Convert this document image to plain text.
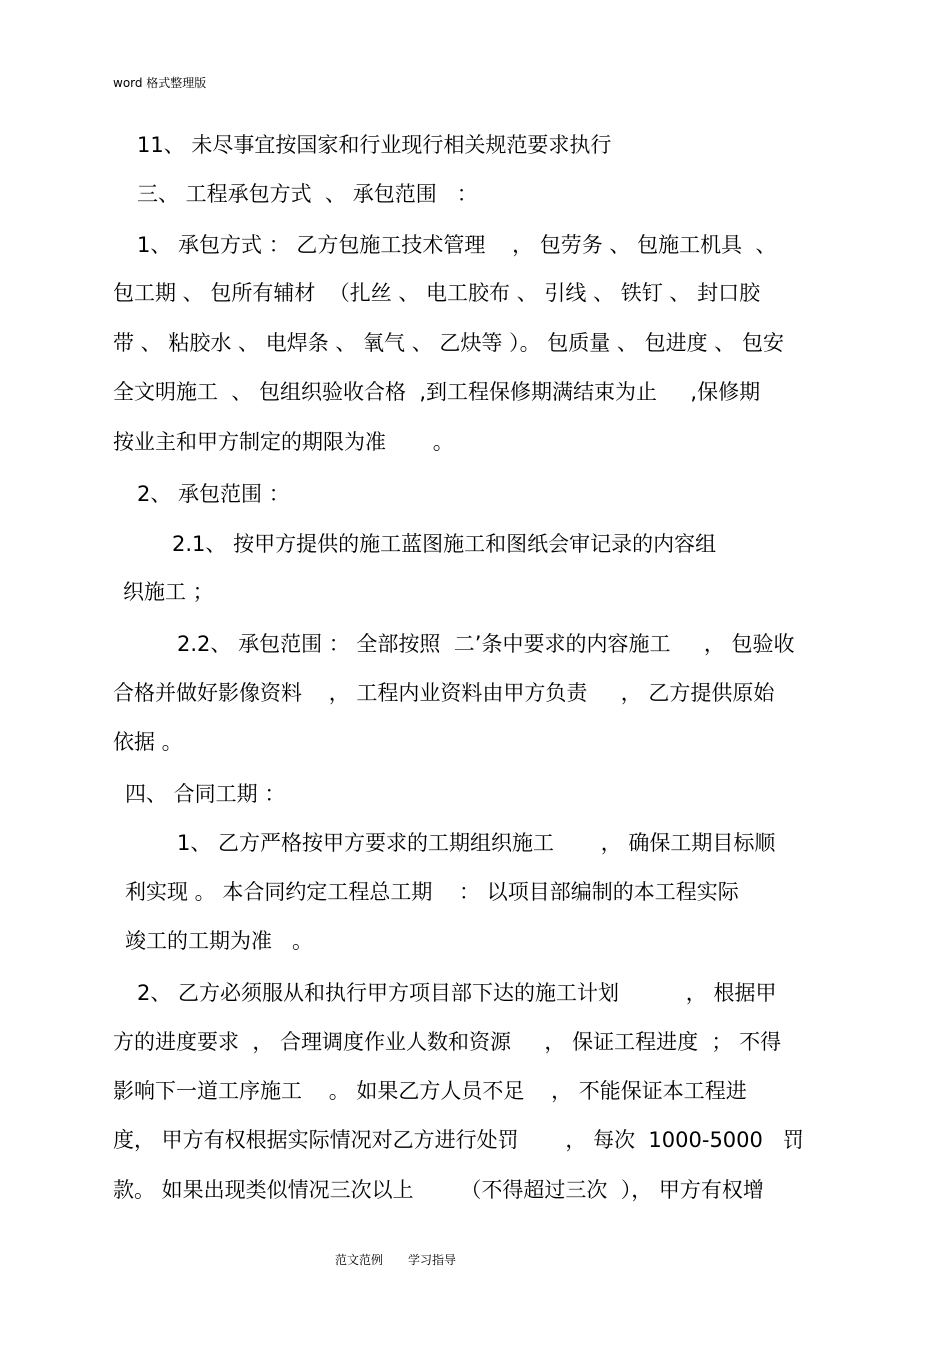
word 格式整理版
11、 未尽事宜按国家和行业现行相关规范要求执行
三、 工程承包方式  、 承包范围   ：
1、 承包方式 ： 乙方包施工技术管理    ， 包劳务 、 包施工机具  、
包工期 、 包所有辅材  （扎丝 、 电工胶布 、 引线 、 铁钉 、 封口胶
带 、 粘胶水 、 电焊条 、 氧气 、 乙炔等 ）。 包质量 、 包进度 、 包安
全文明施工  、 包组织验收合格  ,到工程保修期满结束为止     ,保修期
按业主和甲方制定的期限为准       。
2、 承包范围 ：
2.1、 按甲方提供的施工蓝图施工和图纸会审记录的内容组
织施工 ；
2.2、 承包范围 ： 全部按照  二’条中要求的内容施工     ， 包验收
合格并做好影像资料    ， 工程内业资料由甲方负责     ， 乙方提供原始
依据 。
四、 合同工期 ：
1、 乙方严格按甲方要求的工期组织施工       ， 确保工期目标顺
利实现 。 本合同约定工程总工期    ： 以项目部编制的本工程实际
竣工的工期为准   。
2、 乙方必须服从和执行甲方项目部下达的施工计划          ， 根据甲
方的进度要求  ， 合理调度作业人数和资源     ， 保证工程进度  ； 不得
影响下一道工序施工    。 如果乙方人员不足    ， 不能保证本工程进
度， 甲方有权根据实际情况对乙方进行处罚       ， 每次  1000-5000   罚
款。 如果出现类似情况三次以上       （不得超过三次  ）， 甲方有权增
范文范例 学习指导
